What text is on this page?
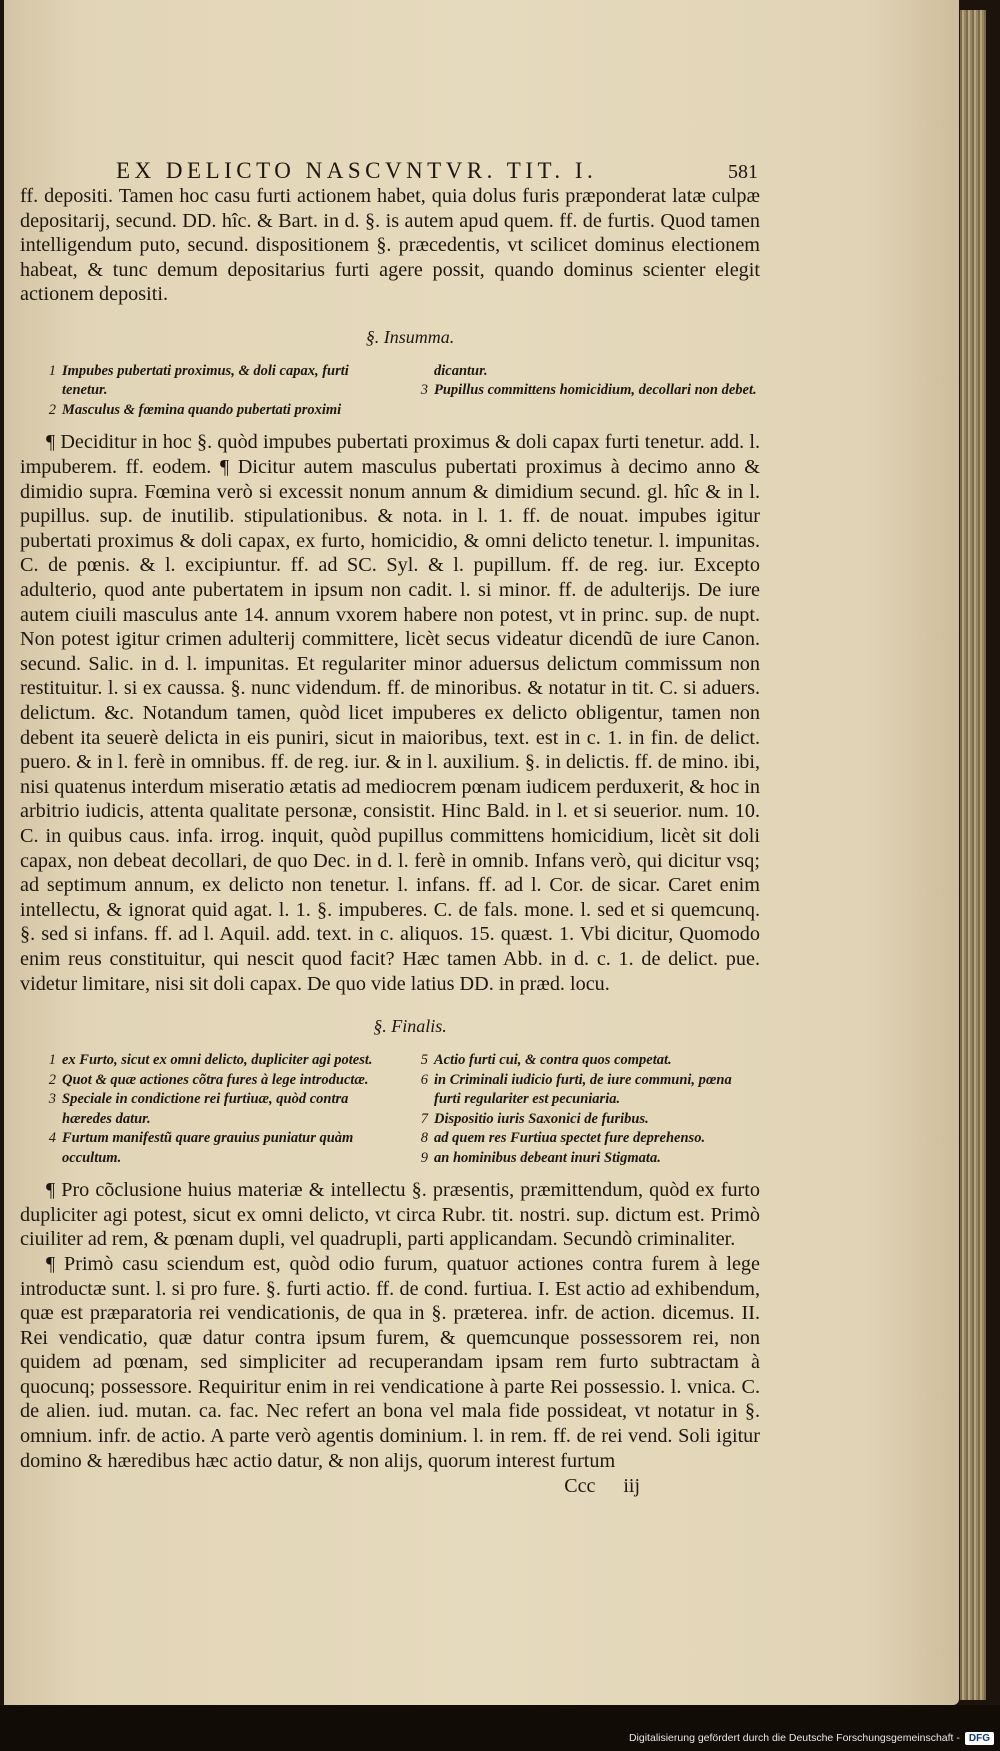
EX DELICTO NASCVNTVR. TIT. I.	581

ff. depositi. Tamen hoc casu furti actionem habet, quia dolus furis præponderat latæ culpæ depositarij, secund. DD. hîc. & Bart. in d. §. is autem apud quem. ff. de furtis. Quod tamen intelligendum puto, secund. dispositionem §. præcedentis, vt scilicet dominus electionem habeat, & tunc demum depositarius furti agere possit, quando dominus scienter elegit actionem depositi.

§. Insumma.
1 Impubes pubertati proximus, & doli capax, furti tenetur.
2 Masculus & fœmina quando pubertati proximi
dicantur.
3 Pupillus committens homicidium, decollari non debet.

¶ Deciditur in hoc §. quòd impubes pubertati proximus & doli capax furti tenetur. add. l. impuberem. ff. eodem. ¶ Dicitur autem masculus pubertati proximus à decimo anno & dimidio supra. Fœmina verò si excessit nonum annum & dimidium secund. gl. hîc & in l. pupillus. sup. de inutilib. stipulationibus. & nota. in l. 1. ff. de nouat. impubes igitur pubertati proximus & doli capax, ex furto, homicidio, & omni delicto tenetur. l. impunitas. C. de pœnis. & l. excipiuntur. ff. ad SC. Syl. & l. pupillum. ff. de reg. iur. Excepto adulterio, quod ante pubertatem in ipsum non cadit. l. si minor. ff. de adulterijs. De iure autem ciuili masculus ante 14. annum vxorem habere non potest, vt in princ. sup. de nupt. Non potest igitur crimen adulterij committere, licèt secus videatur dicendũ de iure Canon. secund. Salic. in d. l. impunitas. Et regulariter minor aduersus delictum commissum non restituitur. l. si ex caussa. §. nunc videndum. ff. de minoribus. & notatur in tit. C. si aduers. delictum. &c. Notandum tamen, quòd licet impuberes ex delicto obligentur, tamen non debent ita seuerè delicta in eis puniri, sicut in maioribus, text. est in c. 1. in fin. de delict. puero. & in l. ferè in omnibus. ff. de reg. iur. & in l. auxilium. §. in delictis. ff. de mino. ibi, nisi quatenus interdum miseratio ætatis ad mediocrem pœnam iudicem perduxerit, & hoc in arbitrio iudicis, attenta qualitate personæ, consistit. Hinc Bald. in l. et si seuerior. num. 10. C. in quibus caus. infa. irrog. inquit, quòd pupillus committens homicidium, licèt sit doli capax, non debeat decollari, de quo Dec. in d. l. ferè in omnib. Infans verò, qui dicitur vsq; ad septimum annum, ex delicto non tenetur. l. infans. ff. ad l. Cor. de sicar. Caret enim intellectu, & ignorat quid agat. l. 1. §. impuberes. C. de fals. mone. l. sed et si quemcunq. §. sed si infans. ff. ad l. Aquil. add. text. in c. aliquos. 15. quæst. 1. Vbi dicitur, Quomodo enim reus constituitur, qui nescit quod facit? Hæc tamen Abb. in d. c. 1. de delict. pue. videtur limitare, nisi sit doli capax. De quo vide latius DD. in præd. locu.

§. Finalis.
1 ex Furto, sicut ex omni delicto, dupliciter agi potest.
2 Quot & quæ actiones cõtra fures à lege introductæ.
3 Speciale in condictione rei furtiuæ, quòd contra hæredes datur.
4 Furtum manifestũ quare grauius puniatur quàm occultum.
5 Actio furti cui, & contra quos competat.
6 in Criminali iudicio furti, de iure communi, pœna furti regulariter est pecuniaria.
7 Dispositio iuris Saxonici de furibus.
8 ad quem res Furtiua spectet fure deprehenso.
9 an hominibus debeant inuri Stigmata.

¶ Pro cõclusione huius materiæ & intellectu §. præsentis, præmittendum, quòd ex furto dupliciter agi potest, sicut ex omni delicto, vt circa Rubr. tit. nostri. sup. dictum est. Primò ciuiliter ad rem, & pœnam dupli, vel quadrupli, parti applicandam. Secundò criminaliter.

¶ Primò casu sciendum est, quòd odio furum, quatuor actiones contra furem à lege introductæ sunt. l. si pro fure. §. furti actio. ff. de cond. furtiua. I. Est actio ad exhibendum, quæ est præparatoria rei vendicationis, de qua in §. præterea. infr. de action. dicemus. II. Rei vendicatio, quæ datur contra ipsum furem, & quemcunque possessorem rei, non quidem ad pœnam, sed simpliciter ad recuperandam ipsam rem furto subtractam à quocunq; possessore. Requiritur enim in rei vendicatione à parte Rei possessio. l. vnica. C. de alien. iud. mutan. ca. fac. Nec refert an bona vel mala fide possideat, vt notatur in §. omnium. infr. de actio. A parte verò agentis dominium. l. in rem. ff. de rei vend. Soli igitur domino & hæredibus hæc actio datur, & non alijs, quorum interest furtum

Ccc iij
Digitalisierung gefördert durch die Deutsche Forschungsgemeinschaft - DFG
